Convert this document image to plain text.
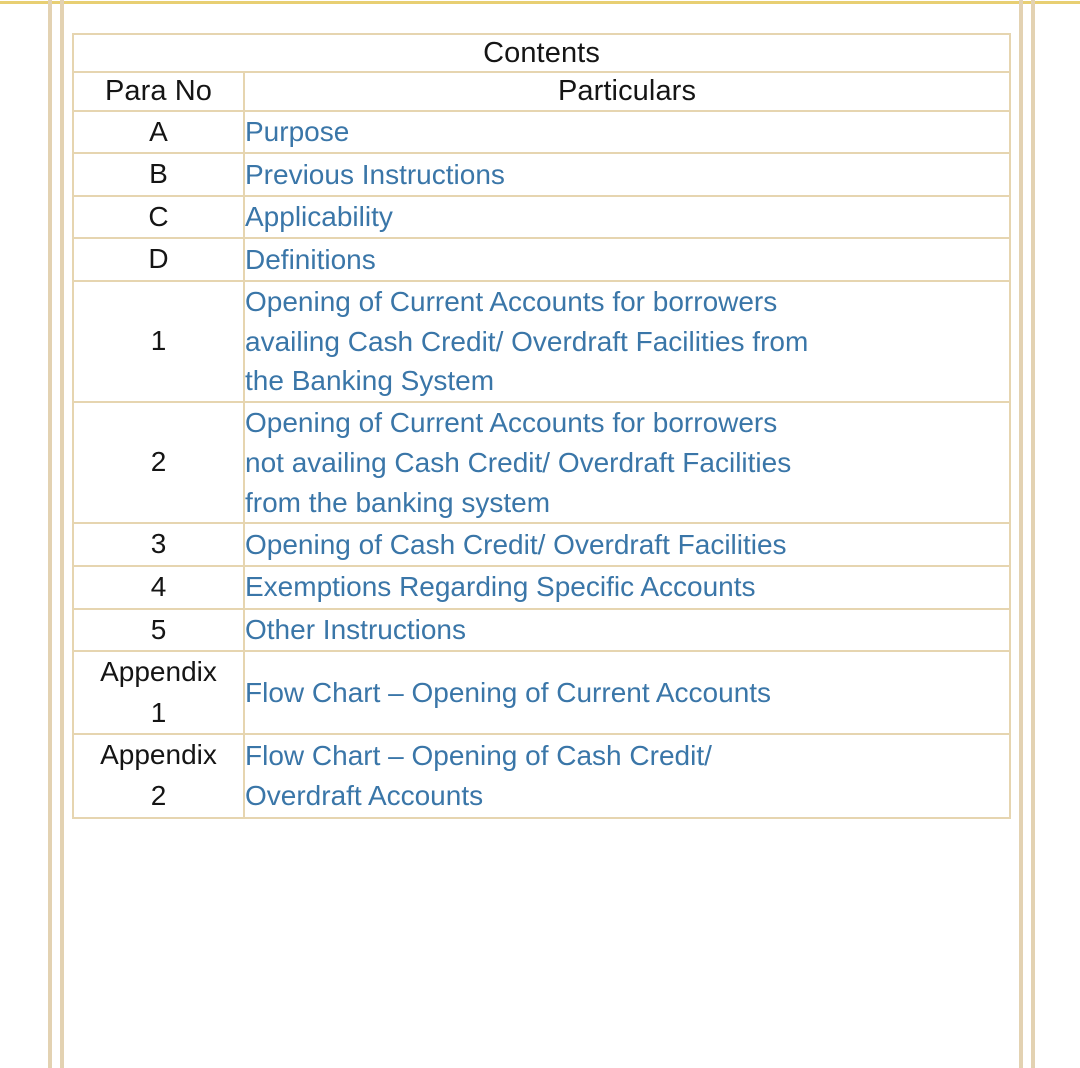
Contents	
Para No	Particulars

A	Purpose

B	Previous Instructions

C	Applicability

D	Definitions

1	Opening of Current Accounts for borrowers
availing Cash Credit/ Overdraft Facilities from
the Banking System

2	Opening of Current Accounts for borrowers
not availing Cash Credit/ Overdraft Facilities
from the banking system

3	Opening of Cash Credit/ Overdraft Facilities

4	Exemptions Regarding Specific Accounts

5	Other Instructions

Appendix
1	Flow Chart – Opening of Current Accounts

Appendix
2	Flow Chart – Opening of Cash Credit/
Overdraft Accounts
